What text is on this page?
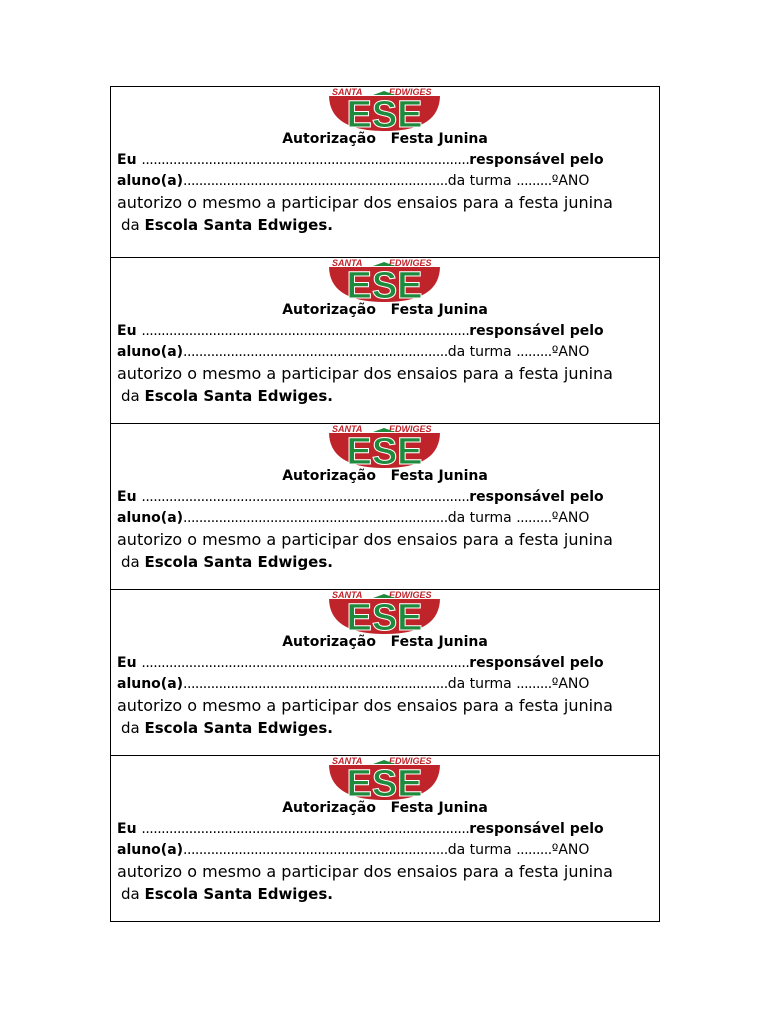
SANTA	EDWIGES
ESE
Autorização   Festa Junina
Eu ...................................................................................responsável pelo
aluno(a)...................................................................da turma .........ºANO
autorizo o mesmo a participar dos ensaios para a festa junina
da Escola Santa Edwiges.
SANTA	EDWIGES
ESE
Autorização   Festa Junina
Eu ...................................................................................responsável pelo
aluno(a)...................................................................da turma .........ºANO
autorizo o mesmo a participar dos ensaios para a festa junina
da Escola Santa Edwiges.
SANTA	EDWIGES
ESE
Autorização   Festa Junina
Eu ...................................................................................responsável pelo
aluno(a)...................................................................da turma .........ºANO
autorizo o mesmo a participar dos ensaios para a festa junina
da Escola Santa Edwiges.
SANTA	EDWIGES
ESE
Autorização   Festa Junina
Eu ...................................................................................responsável pelo
aluno(a)...................................................................da turma .........ºANO
autorizo o mesmo a participar dos ensaios para a festa junina
da Escola Santa Edwiges.
SANTA	EDWIGES
ESE
Autorização   Festa Junina
Eu ...................................................................................responsável pelo
aluno(a)...................................................................da turma .........ºANO
autorizo o mesmo a participar dos ensaios para a festa junina
da Escola Santa Edwiges.
